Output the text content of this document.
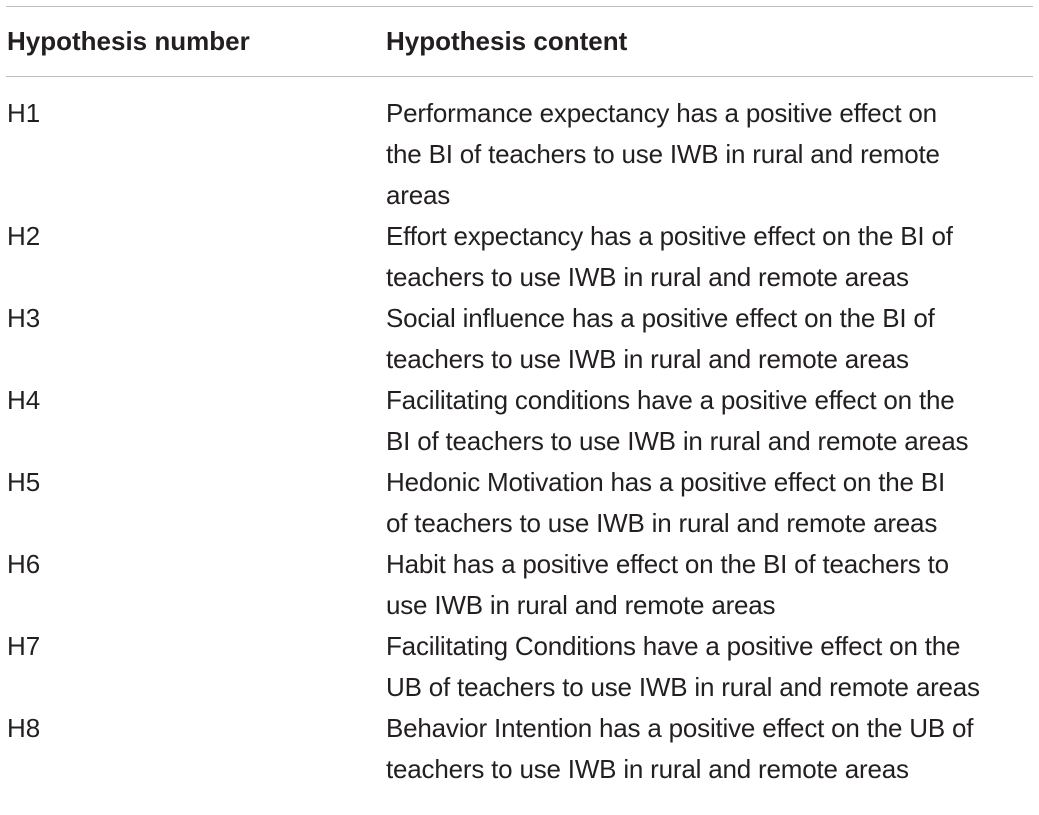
Hypothesis number	Hypothesis content
H1	Performance expectancy has a positive effect on
the BI of teachers to use IWB in rural and remote
areas
H2	Effort expectancy has a positive effect on the BI of
teachers to use IWB in rural and remote areas
H3	Social influence has a positive effect on the BI of
teachers to use IWB in rural and remote areas
H4	Facilitating conditions have a positive effect on the
BI of teachers to use IWB in rural and remote areas
H5	Hedonic Motivation has a positive effect on the BI
of teachers to use IWB in rural and remote areas
H6	Habit has a positive effect on the BI of teachers to
use IWB in rural and remote areas
H7	Facilitating Conditions have a positive effect on the
UB of teachers to use IWB in rural and remote areas
H8	Behavior Intention has a positive effect on the UB of
teachers to use IWB in rural and remote areas
